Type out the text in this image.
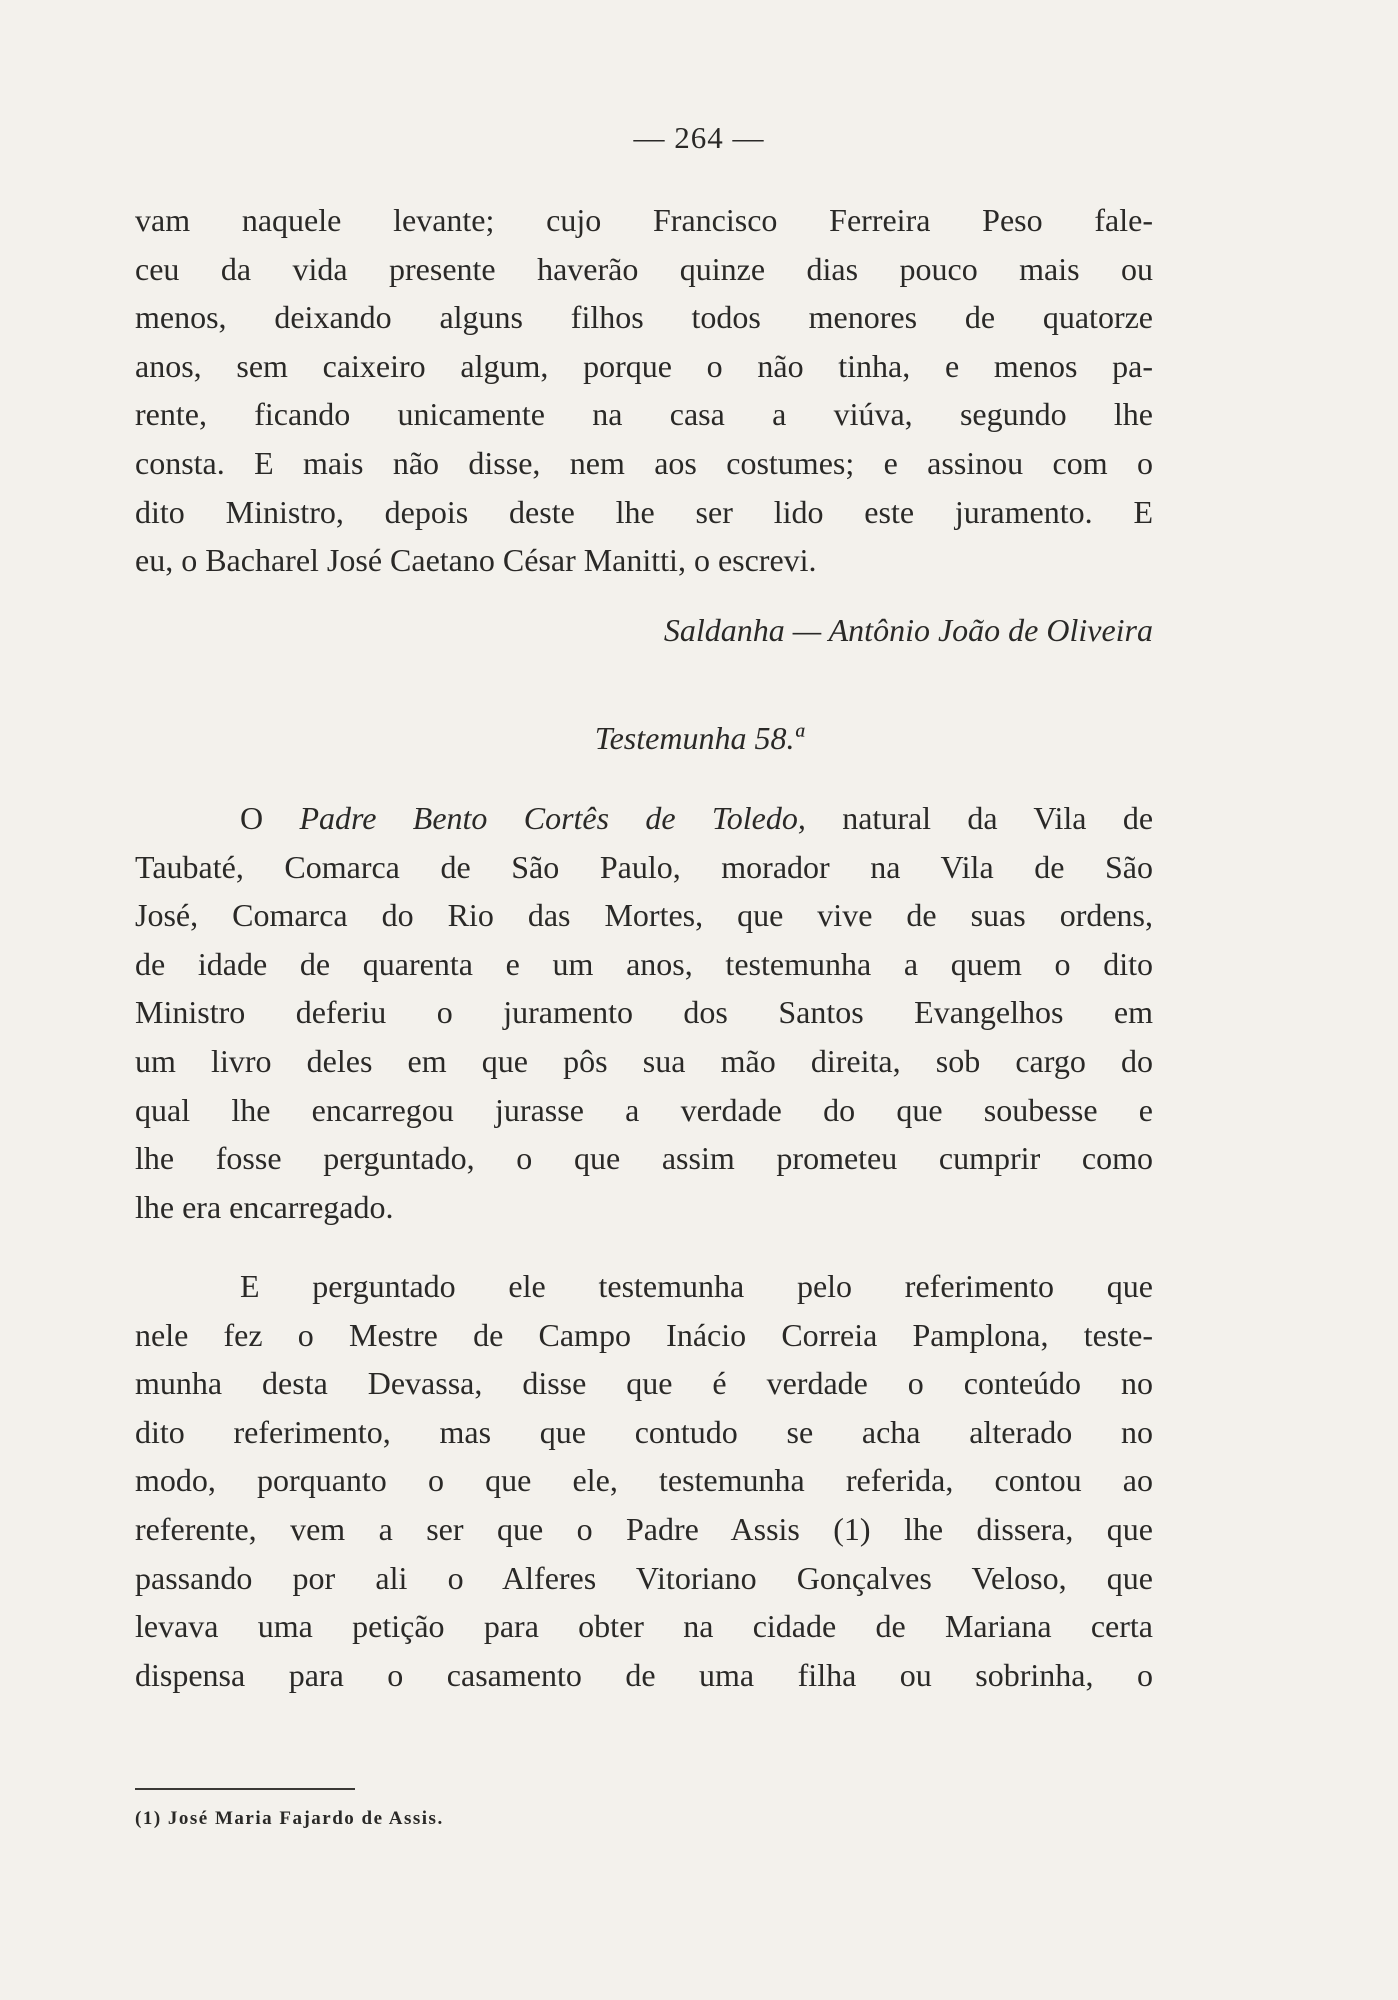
— 264 —
vam naquele levante; cujo Francisco Ferreira Peso fale-
ceu da vida presente haverão quinze dias pouco mais ou
menos, deixando alguns filhos todos menores de quatorze
anos, sem caixeiro algum, porque o não tinha, e menos pa-
rente, ficando unicamente na casa a viúva, segundo lhe
consta. E mais não disse, nem aos costumes; e assinou com o
dito Ministro, depois deste lhe ser lido este juramento. E
eu, o Bacharel José Caetano César Manitti, o escrevi.
Saldanha — Antônio João de Oliveira
Testemunha 58.ª
O Padre Bento Cortês de Toledo, natural da Vila de
Taubaté, Comarca de São Paulo, morador na Vila de São
José, Comarca do Rio das Mortes, que vive de suas ordens,
de idade de quarenta e um anos, testemunha a quem o dito
Ministro deferiu o juramento dos Santos Evangelhos em
um livro deles em que pôs sua mão direita, sob cargo do
qual lhe encarregou jurasse a verdade do que soubesse e
lhe fosse perguntado, o que assim prometeu cumprir como
lhe era encarregado.
E perguntado ele testemunha pelo referimento que
nele fez o Mestre de Campo Inácio Correia Pamplona, teste-
munha desta Devassa, disse que é verdade o conteúdo no
dito referimento, mas que contudo se acha alterado no
modo, porquanto o que ele, testemunha referida, contou ao
referente, vem a ser que o Padre Assis (1) lhe dissera, que
passando por ali o Alferes Vitoriano Gonçalves Veloso, que
levava uma petição para obter na cidade de Mariana certa
dispensa para o casamento de uma filha ou sobrinha, o
(1) José Maria Fajardo de Assis.
